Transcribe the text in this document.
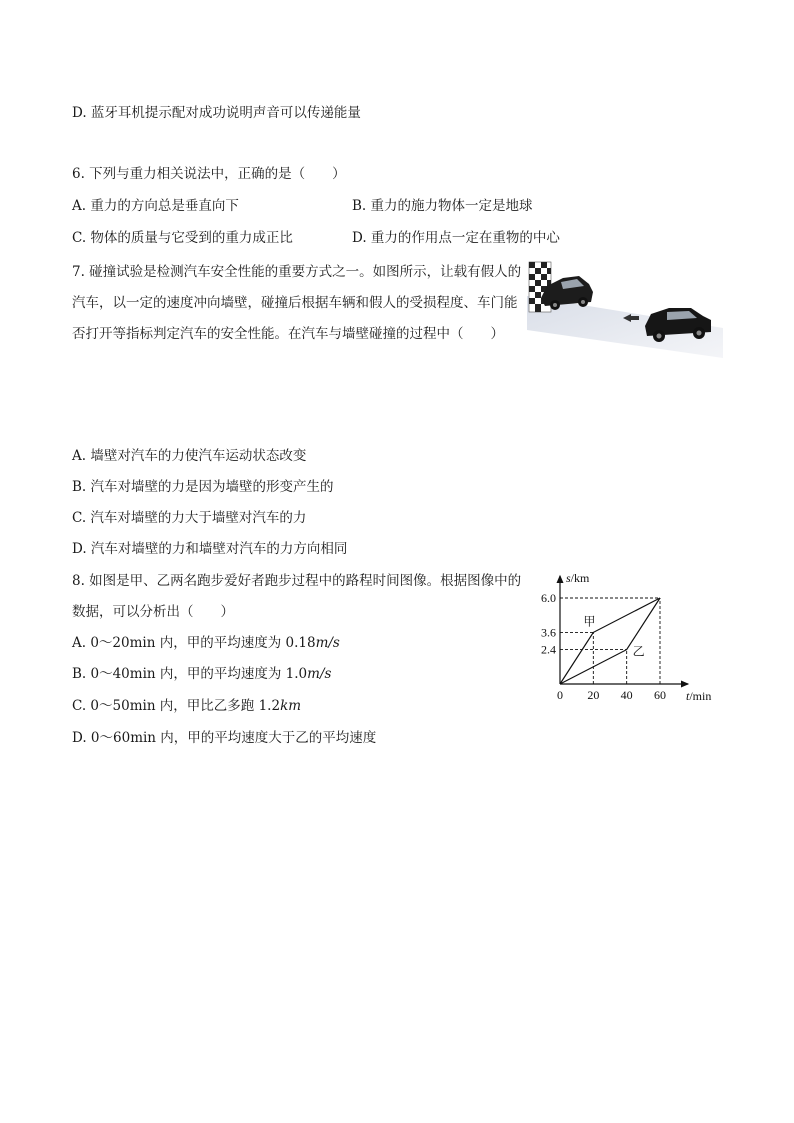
D. 蓝牙耳机提示配对成功说明声音可以传递能量
6. 下列与重力相关说法中，正确的是（　　）
A. 重力的方向总是垂直向下	B. 重力的施力物体一定是地球
C. 物体的质量与它受到的重力成正比	D. 重力的作用点一定在重物的中心
7. 碰撞试验是检测汽车安全性能的重要方式之一。如图所示，让载有假人的汽车，以一定的速度冲向墙壁，碰撞后根据车辆和假人的受损程度、车门能否打开等指标判定汽车的安全性能。在汽车与墙壁碰撞的过程中（　　）
A. 墙壁对汽车的力使汽车运动状态改变
B. 汽车对墙壁的力是因为墙壁的形变产生的
C. 汽车对墙壁的力大于墙壁对汽车的力
D. 汽车对墙壁的力和墙壁对汽车的力方向相同
8. 如图是甲、乙两名跑步爱好者跑步过程中的路程时间图像。根据图像中的数据，可以分析出（　　）
A. 0～20min 内，甲的平均速度为 0.18m/s
B. 0～40min 内，甲的平均速度为 1.0m/s
C. 0～50min 内，甲比乙多跑 1.2km
D. 0～60min 内，甲的平均速度大于乙的平均速度
甲
乙
20 40 60
2.4
3.6
6.0
0
s/km
t/min
